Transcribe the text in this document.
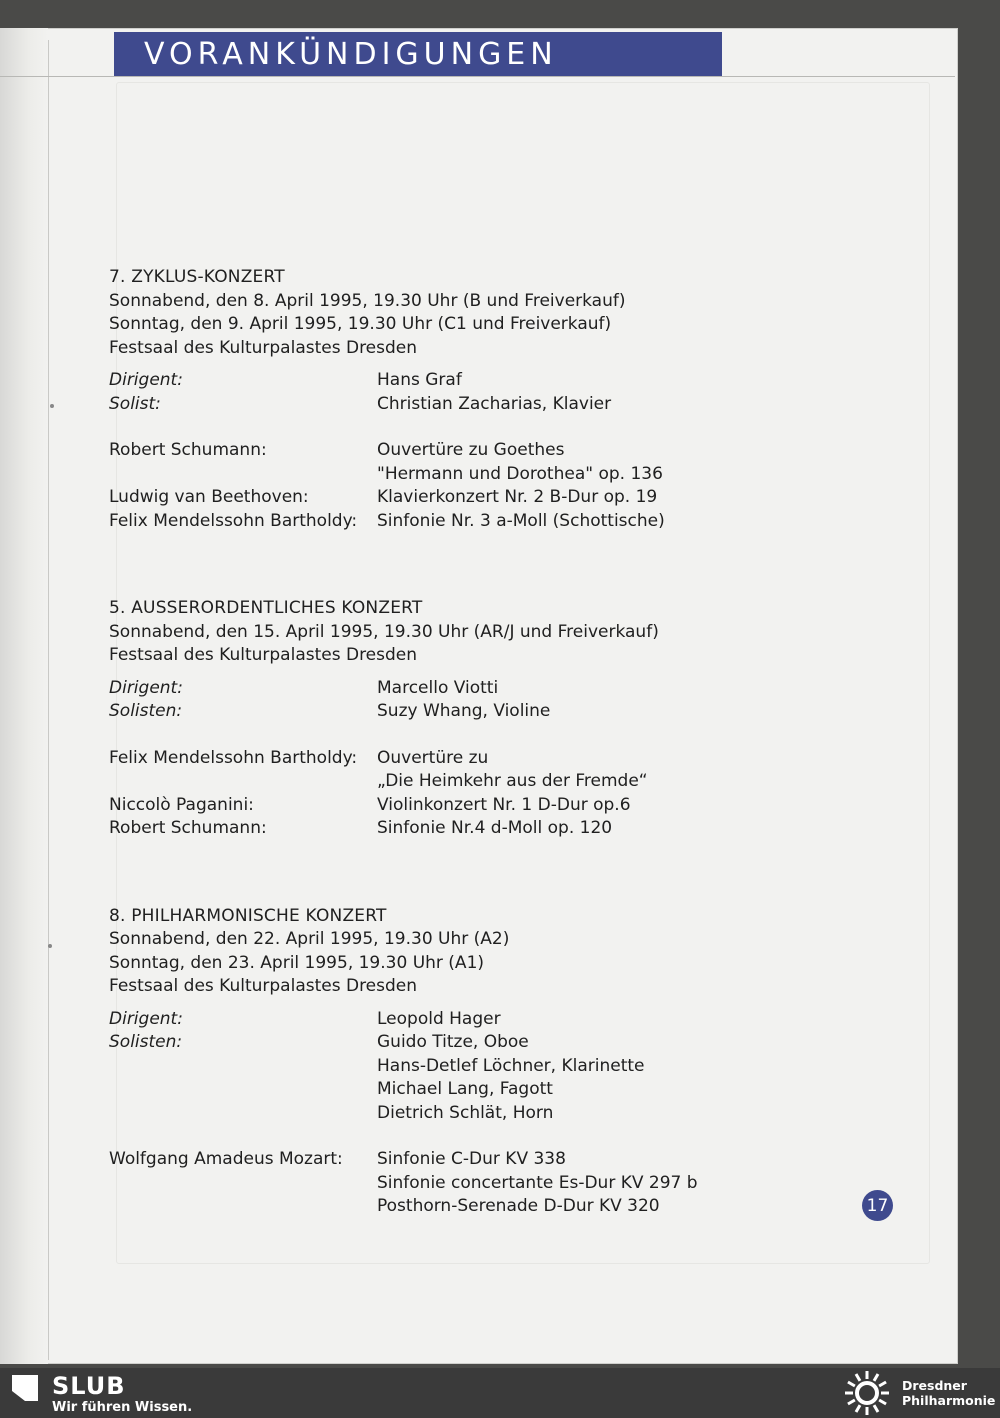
VORANKÜNDIGUNGEN
7. ZYKLUS-KONZERT
Sonnabend, den 8. April 1995, 19.30 Uhr (B und Freiverkauf)
Sonntag, den 9. April 1995, 19.30 Uhr (C1 und Freiverkauf)
Festsaal des Kulturpalastes Dresden
Dirigent:	Hans Graf
Solist:	Christian Zacharias, Klavier
Robert Schumann:	Ouvertüre zu Goethes
"Hermann und Dorothea" op. 136
Ludwig van Beethoven:	Klavierkonzert Nr. 2 B-Dur op. 19
Felix Mendelssohn Bartholdy:	Sinfonie Nr. 3 a-Moll (Schottische)
5. AUSSERORDENTLICHES KONZERT
Sonnabend, den 15. April 1995, 19.30 Uhr (AR/J und Freiverkauf)
Festsaal des Kulturpalastes Dresden
Dirigent:	Marcello Viotti
Solisten:	Suzy Whang, Violine
Felix Mendelssohn Bartholdy:	Ouvertüre zu
„Die Heimkehr aus der Fremde“
Niccolò Paganini:	Violinkonzert Nr. 1 D-Dur op.6
Robert Schumann:	Sinfonie Nr.4 d-Moll op. 120
8. PHILHARMONISCHE KONZERT
Sonnabend, den 22. April 1995, 19.30 Uhr (A2)
Sonntag, den 23. April 1995, 19.30 Uhr (A1)
Festsaal des Kulturpalastes Dresden
Dirigent:	Leopold Hager
Solisten:	Guido Titze, Oboe
Hans-Detlef Löchner, Klarinette
Michael Lang, Fagott
Dietrich Schlät, Horn
Wolfgang Amadeus Mozart:	Sinfonie C-Dur KV 338
Sinfonie concertante Es-Dur KV 297 b
Posthorn-Serenade D-Dur KV 320	17
SLUB
Wir führen Wissen.
Dresdner
Philharmonie
